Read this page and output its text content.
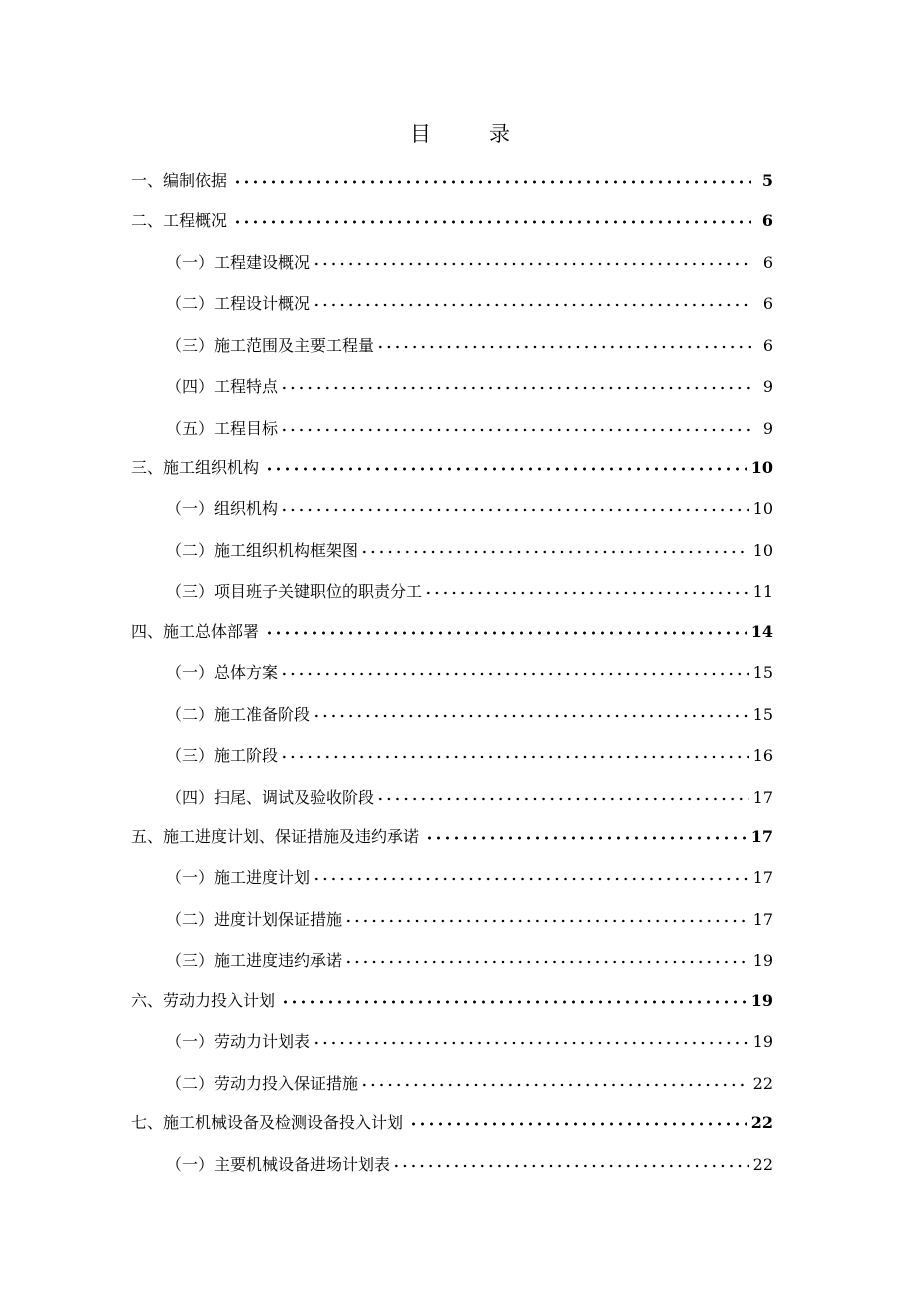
目	录
一、编制依据	5
二、工程概况	6
（一）工程建设概况	6
（二）工程设计概况	6
（三）施工范围及主要工程量	6
（四）工程特点	9
（五）工程目标	9
三、施工组织机构	10
（一）组织机构	10
（二）施工组织机构框架图	10
（三）项目班子关键职位的职责分工	11
四、施工总体部署	14
（一）总体方案	15
（二）施工准备阶段	15
（三）施工阶段	16
（四）扫尾、调试及验收阶段	17
五、施工进度计划、保证措施及违约承诺	17
（一）施工进度计划	17
（二）进度计划保证措施	17
（三）施工进度违约承诺	19
六、劳动力投入计划	19
（一）劳动力计划表	19
（二）劳动力投入保证措施	22
七、施工机械设备及检测设备投入计划	22
（一）主要机械设备进场计划表	22
